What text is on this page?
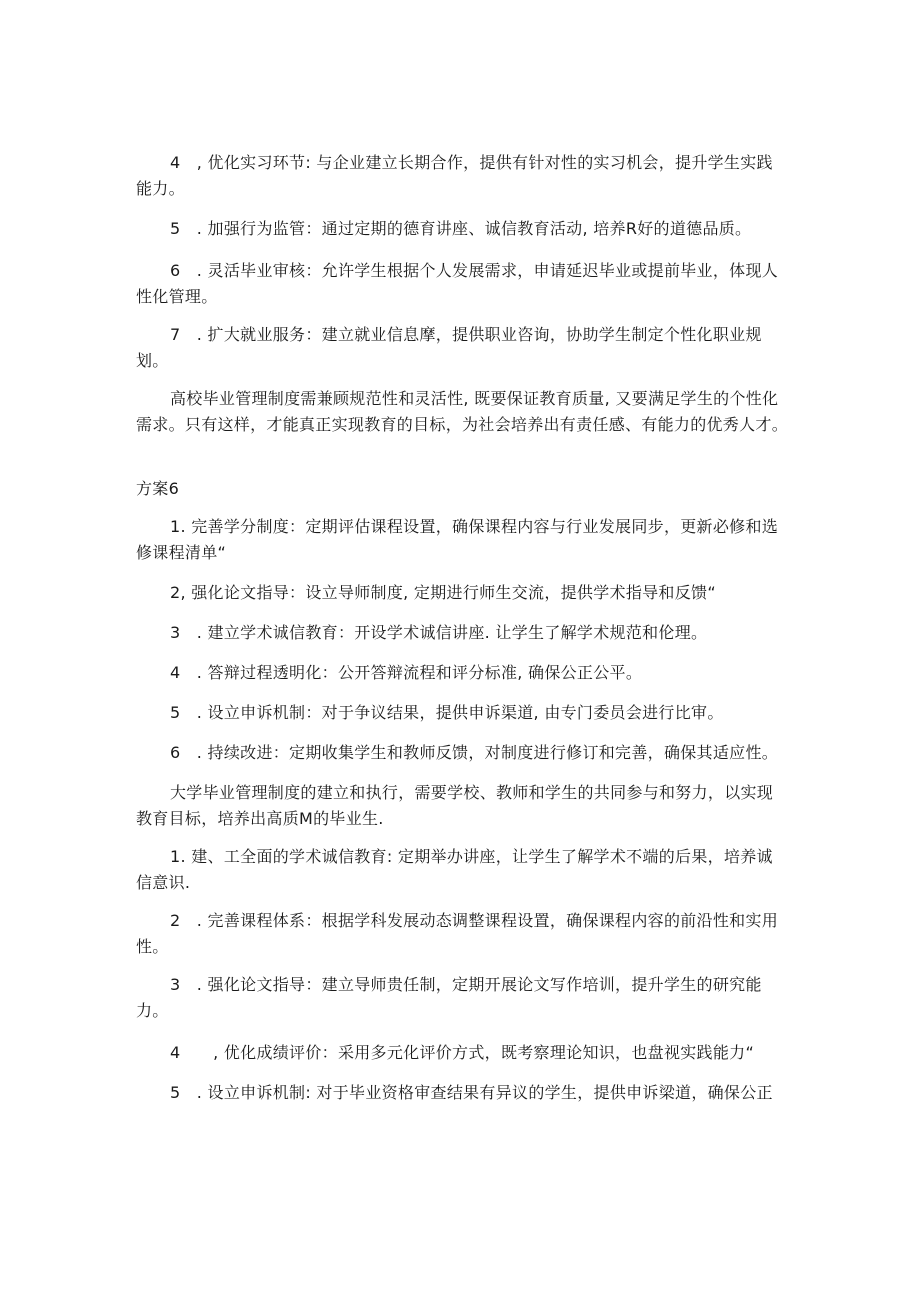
4　, 优化实习环节: 与企业建立长期合作，提供有针对性的实习机会，提升学生实践能力。

5　. 加强行为监管：通过定期的德育讲座、诚信教育活动, 培养R好的道德品质。

6　. 灵活毕业审核：允许学生根据个人发展需求，申请延迟毕业或提前毕业，体现人性化管理。

7　. 扩大就业服务：建立就业信息摩，提供职业咨询，协助学生制定个性化职业规划。

高校毕业管理制度需兼顾规范性和灵活性, 既要保证教育质量, 又要满足学生的个性化需求。只有这样，才能真正实现教育的目标，为社会培养出有责任感、有能力的优秀人才。

方案6

1. 完善学分制度：定期评估课程设置，确保课程内容与行业发展同步，更新必修和选修课程清单“

2, 强化论文指导：设立导师制度, 定期进行师生交流，提供学术指导和反馈“

3　. 建立学术诚信教育：开设学术诚信讲座. 让学生了解学术规范和伦理。

4　. 答辩过程透明化：公开答辩流程和评分标准, 确保公正公平。

5　. 设立申诉机制：对于争议结果，提供申诉渠道, 由专门委员会进行比审。

6　. 持续改进：定期收集学生和教师反馈，对制度进行修订和完善，确保其适应性。

大学毕业管理制度的建立和执行，需要学校、教师和学生的共同参与和努力，以实现教育目标，培养出高质M的毕业生.

1. 建、工全面的学术诚信教育: 定期举办讲座，让学生了解学术不端的后果，培养诚信意识.

2　. 完善课程体系：根据学科发展动态调整课程设置，确保课程内容的前沿性和实用性。

3　. 强化论文指导：建立导师贵任制，定期开展论文写作培训，提升学生的研究能力。

4　　, 优化成绩评价：采用多元化评价方式，既考察理论知识，也盘视实践能力“

5　. 设立申诉机制: 对于毕业资格审查结果有异议的学生，提供申诉梁道，确保公正
